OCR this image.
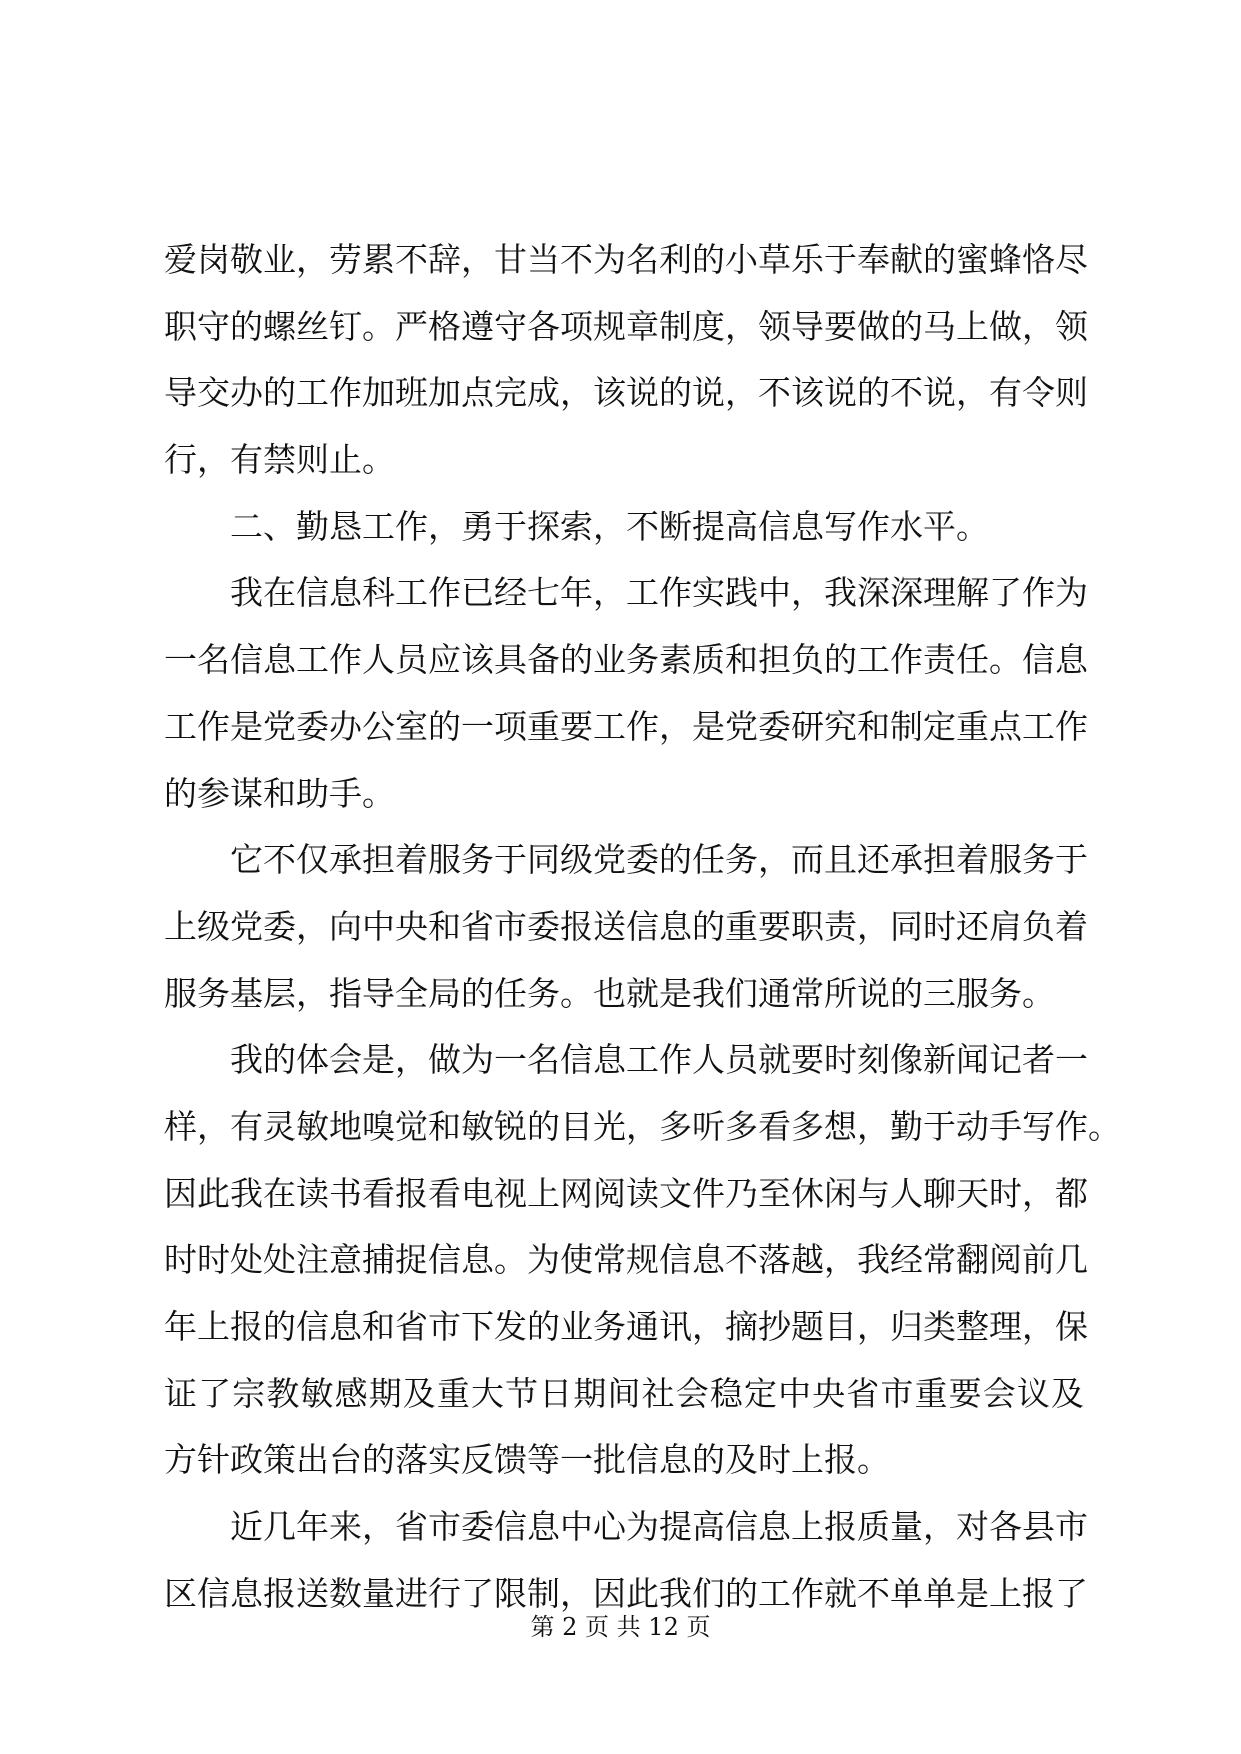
爱岗敬业，劳累不辞，甘当不为名利的小草乐于奉献的蜜蜂恪尽
职守的螺丝钉。严格遵守各项规章制度，领导要做的马上做，领
导交办的工作加班加点完成，该说的说，不该说的不说，有令则
行，有禁则止。
二、勤恳工作，勇于探索，不断提高信息写作水平。
我在信息科工作已经七年，工作实践中，我深深理解了作为
一名信息工作人员应该具备的业务素质和担负的工作责任。信息
工作是党委办公室的一项重要工作，是党委研究和制定重点工作
的参谋和助手。
它不仅承担着服务于同级党委的任务，而且还承担着服务于
上级党委，向中央和省市委报送信息的重要职责，同时还肩负着
服务基层，指导全局的任务。也就是我们通常所说的三服务。
我的体会是，做为一名信息工作人员就要时刻像新闻记者一
样，有灵敏地嗅觉和敏锐的目光，多听多看多想，勤于动手写作。
因此我在读书看报看电视上网阅读文件乃至休闲与人聊天时，都
时时处处注意捕捉信息。为使常规信息不落越，我经常翻阅前几
年上报的信息和省市下发的业务通讯，摘抄题目，归类整理，保
证了宗教敏感期及重大节日期间社会稳定中央省市重要会议及
方针政策出台的落实反馈等一批信息的及时上报。
近几年来，省市委信息中心为提高信息上报质量，对各县市
区信息报送数量进行了限制，因此我们的工作就不单单是上报了
第 2 页 共 12 页
